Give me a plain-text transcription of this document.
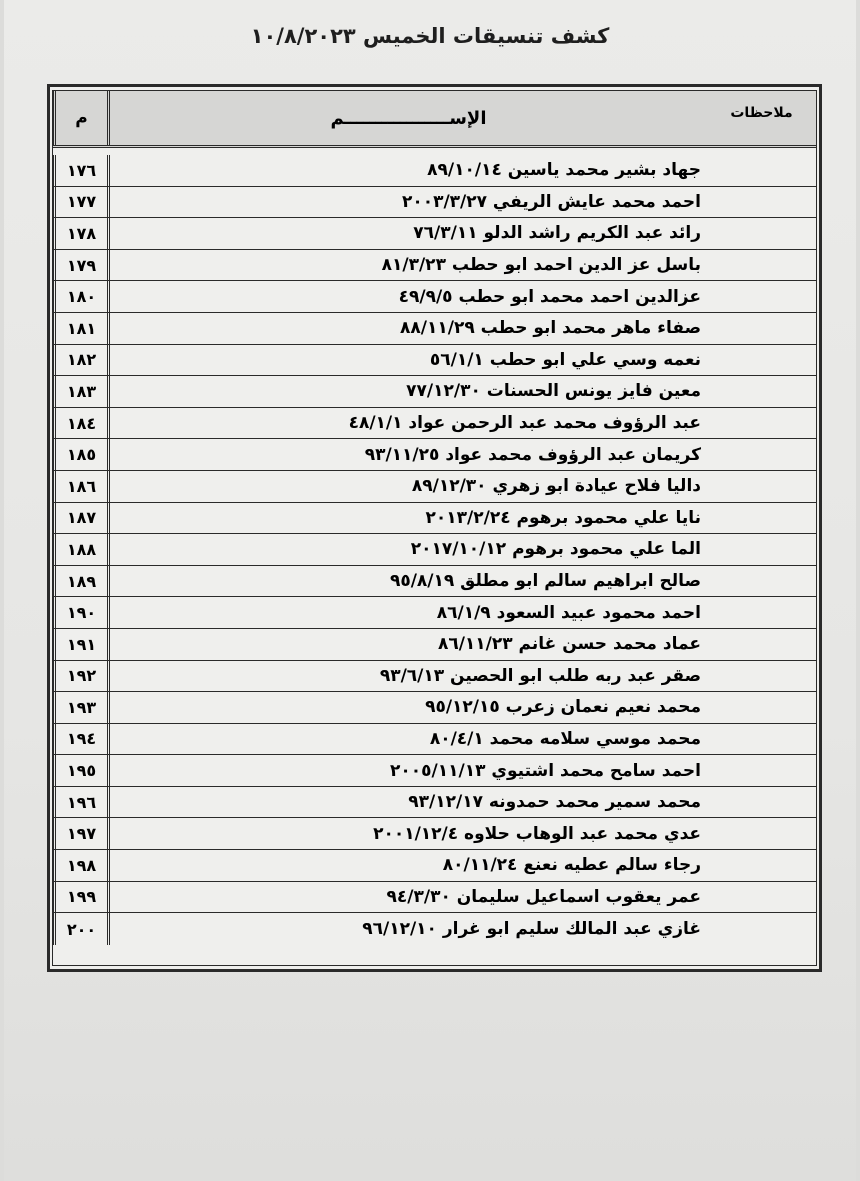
كشف تنسيقات الخميس ١٠/٨/٢٠٢٣
م	الإســـــــــــــــــم	ملاحظات
١٧٦	جهاد بشير محمد ياسين ٨٩/١٠/١٤
١٧٧	احمد محمد عايش الريفي ٢٠٠٣/٣/٢٧
١٧٨	رائد عبد الكريم راشد الدلو ٧٦/٣/١١
١٧٩	باسل عز الدين احمد ابو حطب ٨١/٣/٢٣
١٨٠	عزالدين احمد محمد ابو حطب ٤٩/٩/٥
١٨١	صفاء ماهر محمد ابو حطب ٨٨/١١/٢٩
١٨٢	نعمه وسي علي ابو حطب ٥٦/١/١
١٨٣	معين فايز يونس الحسنات ٧٧/١٢/٣٠
١٨٤	عبد الرؤوف محمد عبد الرحمن عواد ٤٨/١/١
١٨٥	كريمان عبد الرؤوف محمد عواد ٩٣/١١/٢٥
١٨٦	داليا فلاح عيادة ابو زهري ٨٩/١٢/٣٠
١٨٧	نايا علي محمود برهوم ٢٠١٣/٢/٢٤
١٨٨	الما علي محمود برهوم ٢٠١٧/١٠/١٢
١٨٩	صالح ابراهيم سالم ابو مطلق ٩٥/٨/١٩
١٩٠	احمد محمود عبيد السعود ٨٦/١/٩
١٩١	عماد محمد حسن غانم ٨٦/١١/٢٣
١٩٢	صقر عبد ربه طلب ابو الحصين ٩٣/٦/١٣
١٩٣	محمد نعيم نعمان زعرب ٩٥/١٢/١٥
١٩٤	محمد موسي سلامه محمد ٨٠/٤/١
١٩٥	احمد سامح محمد اشتيوي ٢٠٠٥/١١/١٣
١٩٦	محمد سمير محمد حمدونه ٩٣/١٢/١٧
١٩٧	عدي محمد عبد الوهاب حلاوه ٢٠٠١/١٢/٤
١٩٨	رجاء سالم عطيه نعنع ٨٠/١١/٢٤
١٩٩	عمر يعقوب اسماعيل سليمان ٩٤/٣/٣٠
٢٠٠	غازي عبد المالك سليم ابو غرار ٩٦/١٢/١٠
